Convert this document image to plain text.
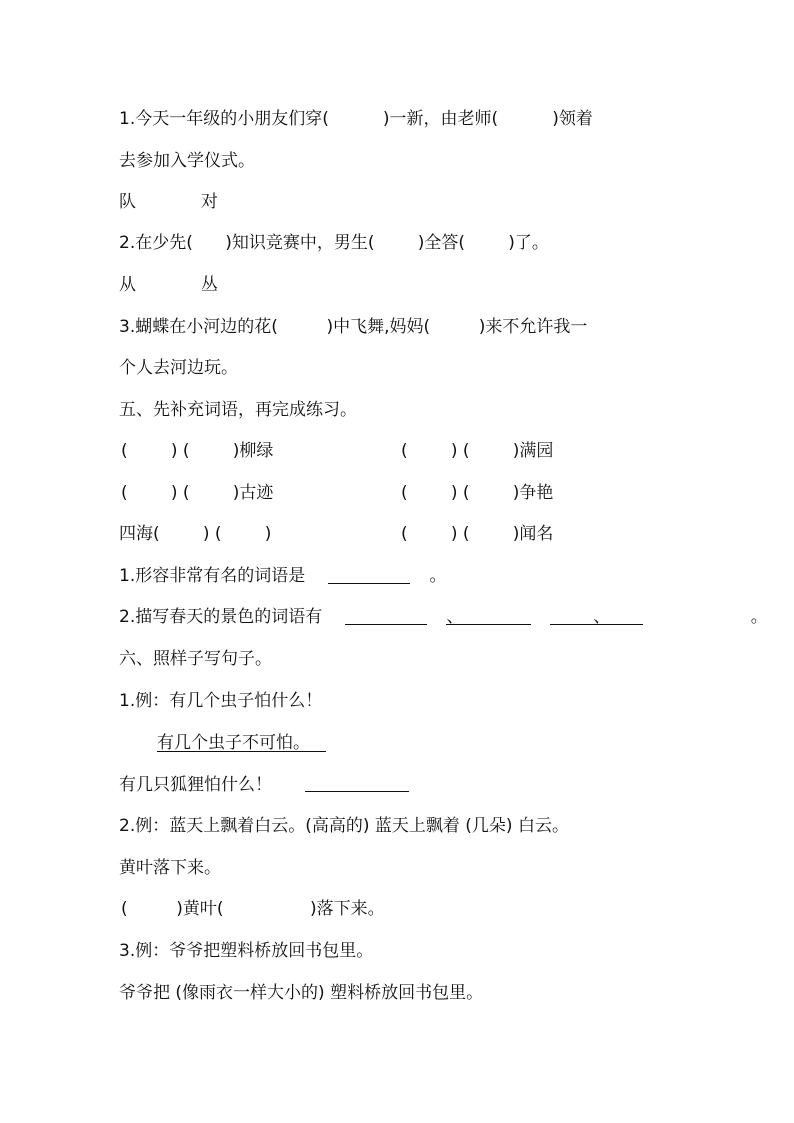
1.今天一年级的小朋友们穿(          )一新，由老师(          )领着
去参加入学仪式。
队            对
2.在少先(      )知识竞赛中，男生(        )全答(        )了。
从            丛
3.蝴蝶在小河边的花(         )中飞舞,妈妈(         )来不允许我一
个人去河边玩。
五、先补充词语，再完成练习。
(        ) (        )柳绿	(        ) (        )满园
(        ) (        )古迹	(        ) (        )争艳
四海(        ) (        )	(        ) (        )闻名
1.形容非常有名的词语是                       。
2.描写春天的景色的词语有                       、                        、                          。
六、照样子写句子。
1.例：有几个虫子怕什么！
有几个虫子不可怕。
有几只狐狸怕什么！
2.例：蓝天上飘着白云。(高高的) 蓝天上飘着 (几朵) 白云。
黄叶落下来。
(         )黄叶(                )落下来。
3.例：爷爷把塑料桥放回书包里。
爷爷把 (像雨衣一样大小的) 塑料桥放回书包里。
